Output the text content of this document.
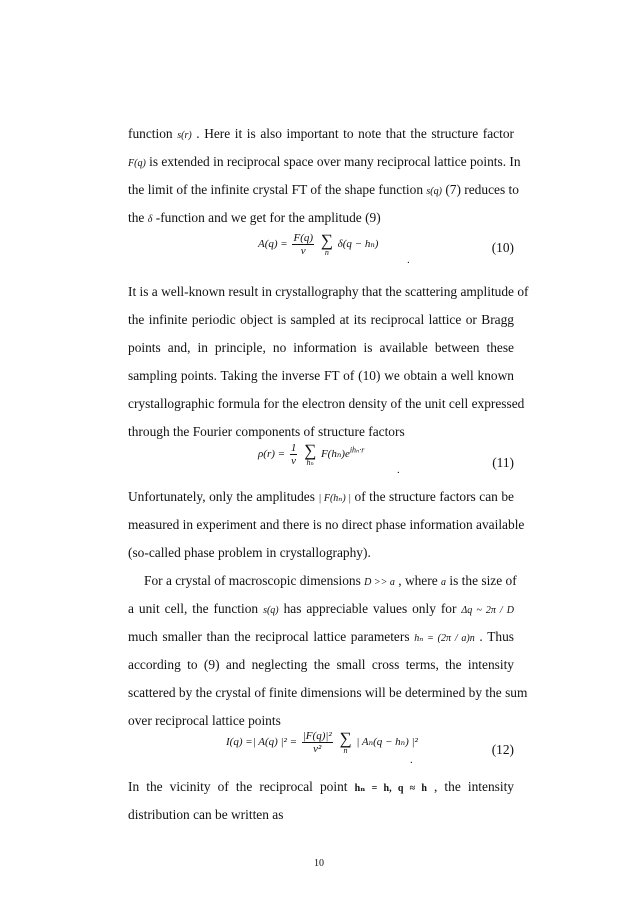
function s(r) . Here it is also important to note that the structure factor
F(q) is extended in reciprocal space over many reciprocal lattice points. In
the limit of the infinite crystal FT of the shape function s(q) (7) reduces to
the δ -function and we get for the amplitude (9)
$A(q) = \frac{F(q)}{v}$ ∑
n
δ(q − hₙ)
.
(10)
It is a well-known result in crystallography that the scattering amplitude of
the infinite periodic object is sampled at its reciprocal lattice or Bragg
points and, in principle, no information is available between these
sampling points. Taking the inverse FT of (10) we obtain a well known
crystallographic formula for the electron density of the unit cell expressed
through the Fourier components of structure factors
$\rho(r) = \frac{1}{v}$ ∑
hₙ
$F(h_n)e^{ih_n\cdot r}$
.	(11)
Unfortunately, only the amplitudes | F(hₙ) | of the structure factors can be
measured in experiment and there is no direct phase information available
(so-called phase problem in crystallography).
For a crystal of macroscopic dimensions D >> a , where a is the size of
a unit cell, the function s(q) has appreciable values only for Δq ~ 2π / D
much smaller than the reciprocal lattice parameters hₙ = (2π / a)n . Thus
according to (9) and neglecting the small cross terms, the intensity
scattered by the crystal of finite dimensions will be determined by the sum
over reciprocal lattice points
I(q) =| A(q) $|^2 = \frac{\text{|F(q)|²}}{\text{v²}}$ ∑
n
| Aₙ(q − hₙ) |²
.
(12)
In the vicinity of the reciprocal point hₙ = h, q ≈ h , the intensity
distribution can be written as
10
